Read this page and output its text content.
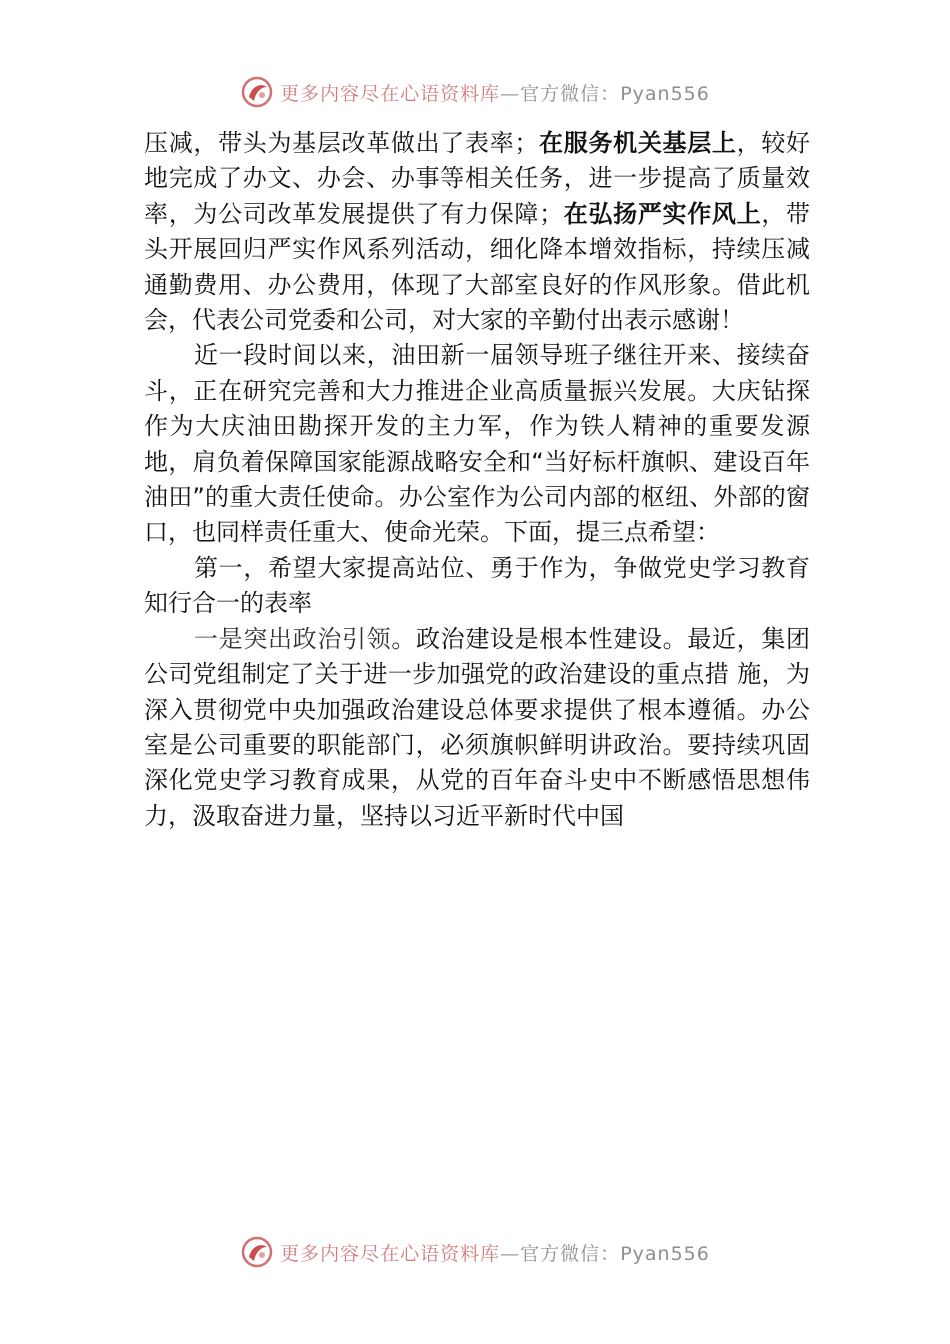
更多内容尽在心语资料库—官方微信：Pyan556

压减，带头为基层改革做出了表率；在服务机关基层上，较好地完成了办文、办会、办事等相关任务，进一步提高了质量效率，为公司改革发展提供了有力保障；在弘扬严实作风上，带头开展回归严实作风系列活动，细化降本增效指标，持续压减通勤费用、办公费用，体现了大部室良好的作风形象。借此机会，代表公司党委和公司，对大家的辛勤付出表示感谢！

近一段时间以来，油田新一届领导班子继往开来、接续奋斗，正在研究完善和大力推进企业高质量振兴发展。大庆钻探作为大庆油田勘探开发的主力军，作为铁人精神的重要发源地，肩负着保障国家能源战略安全和“当好标杆旗帜、建设百年油田”的重大责任使命。办公室作为公司内部的枢纽、外部的窗口，也同样责任重大、使命光荣。下面，提三点希望：

第一，希望大家提高站位、勇于作为，争做党史学习教育知行合一的表率

一是突出政治引领。政治建设是根本性建设。最近，集团公司党组制定了关于进一步加强党的政治建设的重点措 施，为深入贯彻党中央加强政治建设总体要求提供了根本遵循。办公室是公司重要的职能部门，必须旗帜鲜明讲政治。要持续巩固深化党史学习教育成果，从党的百年奋斗史中不断感悟思想伟力，汲取奋进力量，坚持以习近平新时代中国

更多内容尽在心语资料库—官方微信：Pyan556
